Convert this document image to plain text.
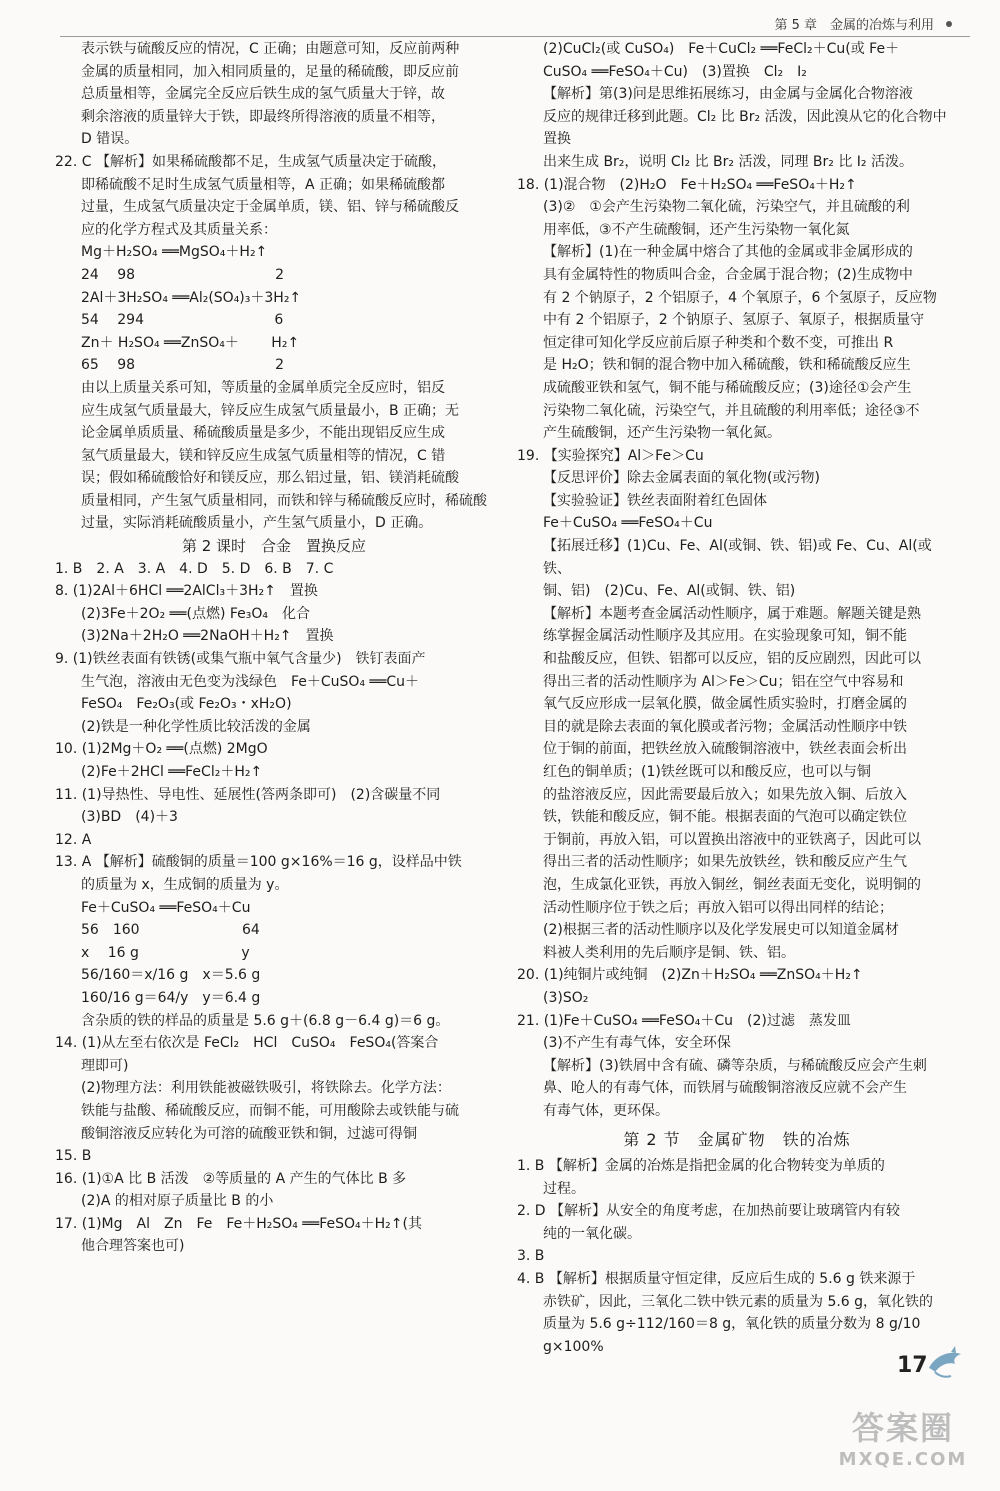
第 5 章　金属的冶炼与利用

表示铁与硫酸反应的情况，C 正确；由题意可知，反应前两种

金属的质量相同，加入相同质量的，足量的稀硫酸，即反应前

总质量相等，金属完全反应后铁生成的氢气质量大于锌，故

剩余溶液的质量锌大于铁，即最终所得溶液的质量不相等，

D 错误。

22. C 【解析】如果稀硫酸都不足，生成氢气质量决定于硫酸，

即稀硫酸不足时生成氢气质量相等，A 正确；如果稀硫酸都

过量，生成氢气质量决定于金属单质，镁、铝、锌与稀硫酸反

应的化学方程式及其质量关系：

Mg＋H₂SO₄ ══MgSO₄＋H₂↑

24　 98　　　　　　　　　　2

2Al＋3H₂SO₄ ══Al₂(SO₄)₃＋3H₂↑

54　 294　　　　　　　　　 6

Zn＋ H₂SO₄ ══ZnSO₄＋　　 H₂↑

65　 98　　　　　　　　　　2

由以上质量关系可知，等质量的金属单质完全反应时，铝反

应生成氢气质量最大，锌反应生成氢气质量最小，B 正确；无

论金属单质质量、稀硫酸质量是多少，不能出现铝反应生成

氢气质量最大，镁和锌反应生成氢气质量相等的情况，C 错

误；假如稀硫酸恰好和镁反应，那么铝过量，铝、镁消耗硫酸

质量相同，产生氢气质量相同，而铁和锌与稀硫酸反应时，稀硫酸

过量，实际消耗硫酸质量小，产生氢气质量小，D 正确。

第 2 课时　合金　置换反应

1. B　2. A　3. A　4. D　5. D　6. B　7. C

8. (1)2Al＋6HCl ══2AlCl₃＋3H₂↑　置换

(2)3Fe＋2O₂ ══(点燃) Fe₃O₄　化合

(3)2Na＋2H₂O ══2NaOH＋H₂↑　置换

9. (1)铁丝表面有铁锈(或集气瓶中氧气含量少)　铁钉表面产

生气泡，溶液由无色变为浅绿色　Fe＋CuSO₄ ══Cu＋

FeSO₄　Fe₂O₃(或 Fe₂O₃・xH₂O)

(2)铁是一种化学性质比较活泼的金属

10. (1)2Mg＋O₂ ══(点燃) 2MgO

(2)Fe＋2HCl ══FeCl₂＋H₂↑

11. (1)导热性、导电性、延展性(答两条即可)　(2)含碳量不同

(3)BD　(4)＋3

12. A

13. A 【解析】硫酸铜的质量＝100 g×16%＝16 g，设样品中铁

的质量为 x，生成铜的质量为 y。

Fe＋CuSO₄ ══FeSO₄＋Cu

56　160　　　　　　　 64

x　 16 g　　　　　　　 y

56/160＝x/16 g　x＝5.6 g

160/16 g＝64/y　y＝6.4 g

含杂质的铁的样品的质量是 5.6 g＋(6.8 g－6.4 g)＝6 g。

14. (1)从左至右依次是 FeCl₂　HCl　CuSO₄　FeSO₄(答案合

理即可)

(2)物理方法：利用铁能被磁铁吸引，将铁除去。化学方法：

铁能与盐酸、稀硫酸反应，而铜不能，可用酸除去或铁能与硫

酸铜溶液反应转化为可溶的硫酸亚铁和铜，过滤可得铜

15. B

16. (1)①A 比 B 活泼　②等质量的 A 产生的气体比 B 多

(2)A 的相对原子质量比 B 的小

17. (1)Mg　Al　Zn　Fe　Fe＋H₂SO₄ ══FeSO₄＋H₂↑(其

他合理答案也可)

(2)CuCl₂(或 CuSO₄)　Fe＋CuCl₂ ══FeCl₂＋Cu(或 Fe＋

CuSO₄ ══FeSO₄＋Cu)　(3)置换　Cl₂　I₂

【解析】第(3)问是思维拓展练习，由金属与金属化合物溶液

反应的规律迁移到此题。Cl₂ 比 Br₂ 活泼，因此溴从它的化合物中置换

出来生成 Br₂，说明 Cl₂ 比 Br₂ 活泼，同理 Br₂ 比 I₂ 活泼。

18. (1)混合物　(2)H₂O　Fe＋H₂SO₄ ══FeSO₄＋H₂↑

(3)②　①会产生污染物二氧化硫，污染空气，并且硫酸的利

用率低，③不产生硫酸铜，还产生污染物一氧化氮

【解析】(1)在一种金属中熔合了其他的金属或非金属形成的

具有金属特性的物质叫合金，合金属于混合物；(2)生成物中

有 2 个钠原子，2 个铝原子，4 个氧原子，6 个氢原子，反应物

中有 2 个铝原子，2 个钠原子、氢原子、氧原子，根据质量守

恒定律可知化学反应前后原子种类和个数不变，可推出 R

是 H₂O；铁和铜的混合物中加入稀硫酸，铁和稀硫酸反应生

成硫酸亚铁和氢气，铜不能与稀硫酸反应；(3)途径①会产生

污染物二氧化硫，污染空气，并且硫酸的利用率低；途径③不

产生硫酸铜，还产生污染物一氧化氮。

19. 【实验探究】Al＞Fe＞Cu

【反思评价】除去金属表面的氧化物(或污物)

【实验验证】铁丝表面附着红色固体

Fe＋CuSO₄ ══FeSO₄＋Cu

【拓展迁移】(1)Cu、Fe、Al(或铜、铁、铝)或 Fe、Cu、Al(或铁、

铜、铝)　(2)Cu、Fe、Al(或铜、铁、铝)

【解析】本题考查金属活动性顺序，属于难题。解题关键是熟

练掌握金属活动性顺序及其应用。在实验现象可知，铜不能

和盐酸反应，但铁、铝都可以反应，铝的反应剧烈，因此可以

得出三者的活动性顺序为 Al＞Fe＞Cu；铝在空气中容易和

氧气反应形成一层氧化膜，做金属性质实验时，打磨金属的

目的就是除去表面的氧化膜或者污物；金属活动性顺序中铁

位于铜的前面，把铁丝放入硫酸铜溶液中，铁丝表面会析出

红色的铜单质；(1)铁丝既可以和酸反应，也可以与铜

的盐溶液反应，因此需要最后放入；如果先放入铜、后放入

铁，铁能和酸反应，铜不能。根据表面的气泡可以确定铁位

于铜前，再放入铝，可以置换出溶液中的亚铁离子，因此可以

得出三者的活动性顺序；如果先放铁丝，铁和酸反应产生气

泡，生成氯化亚铁，再放入铜丝，铜丝表面无变化，说明铜的

活动性顺序位于铁之后；再放入铝可以得出同样的结论；

(2)根据三者的活动性顺序以及化学发展史可以知道金属材

料被人类利用的先后顺序是铜、铁、铝。

20. (1)纯铜片或纯铜　(2)Zn＋H₂SO₄ ══ZnSO₄＋H₂↑

(3)SO₂

21. (1)Fe＋CuSO₄ ══FeSO₄＋Cu　(2)过滤　蒸发皿

(3)不产生有毒气体，安全环保

【解析】(3)铁屑中含有硫、磷等杂质，与稀硫酸反应会产生刺

鼻、呛人的有毒气体，而铁屑与硫酸铜溶液反应就不会产生

有毒气体，更环保。

第 2 节　金属矿物　铁的冶炼

1. B 【解析】金属的冶炼是指把金属的化合物转变为单质的

过程。

2. D 【解析】从安全的角度考虑，在加热前要让玻璃管内有较

纯的一氧化碳。

3. B

4. B 【解析】根据质量守恒定律，反应后生成的 5.6 g 铁来源于

赤铁矿，因此，三氧化二铁中铁元素的质量为 5.6 g，氧化铁的

质量为 5.6 g÷112/160＝8 g，氧化铁的质量分数为 8 g/10 g×100%

17
答案圈
MXQE.COM
